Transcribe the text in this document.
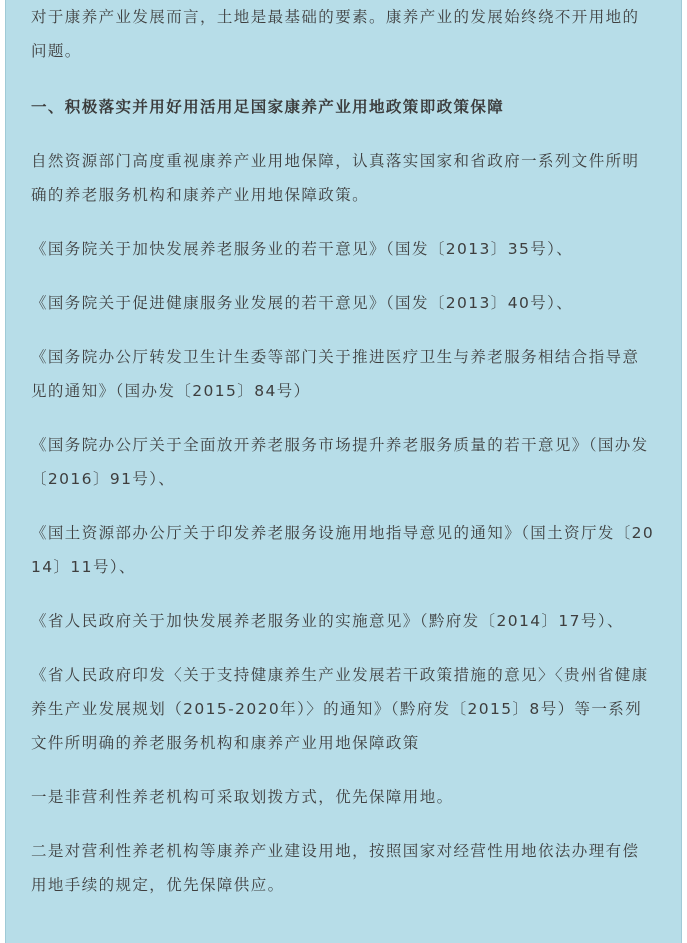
对于康养产业发展而言，土地是最基础的要素。康养产业的发展始终绕不开用地的问题。

一、积极落实并用好用活用足国家康养产业用地政策即政策保障

自然资源部门高度重视康养产业用地保障，认真落实国家和省政府一系列文件所明确的养老服务机构和康养产业用地保障政策。

《国务院关于加快发展养老服务业的若干意见》（国发〔2013〕35号）、

《国务院关于促进健康服务业发展的若干意见》（国发〔2013〕40号）、

《国务院办公厅转发卫生计生委等部门关于推进医疗卫生与养老服务相结合指导意见的通知》（国办发〔2015〕84号）

《国务院办公厅关于全面放开养老服务市场提升养老服务质量的若干意见》（国办发〔2016〕91号）、

《国土资源部办公厅关于印发养老服务设施用地指导意见的通知》（国土资厅发〔2014〕11号）、

《省人民政府关于加快发展养老服务业的实施意见》（黔府发〔2014〕17号）、

《省人民政府印发〈关于支持健康养生产业发展若干政策措施的意见〉〈贵州省健康养生产业发展规划（2015-2020年）〉的通知》（黔府发〔2015〕8号）等一系列文件所明确的养老服务机构和康养产业用地保障政策

一是非营利性养老机构可采取划拨方式，优先保障用地。

二是对营利性养老机构等康养产业建设用地，按照国家对经营性用地依法办理有偿用地手续的规定，优先保障供应。
